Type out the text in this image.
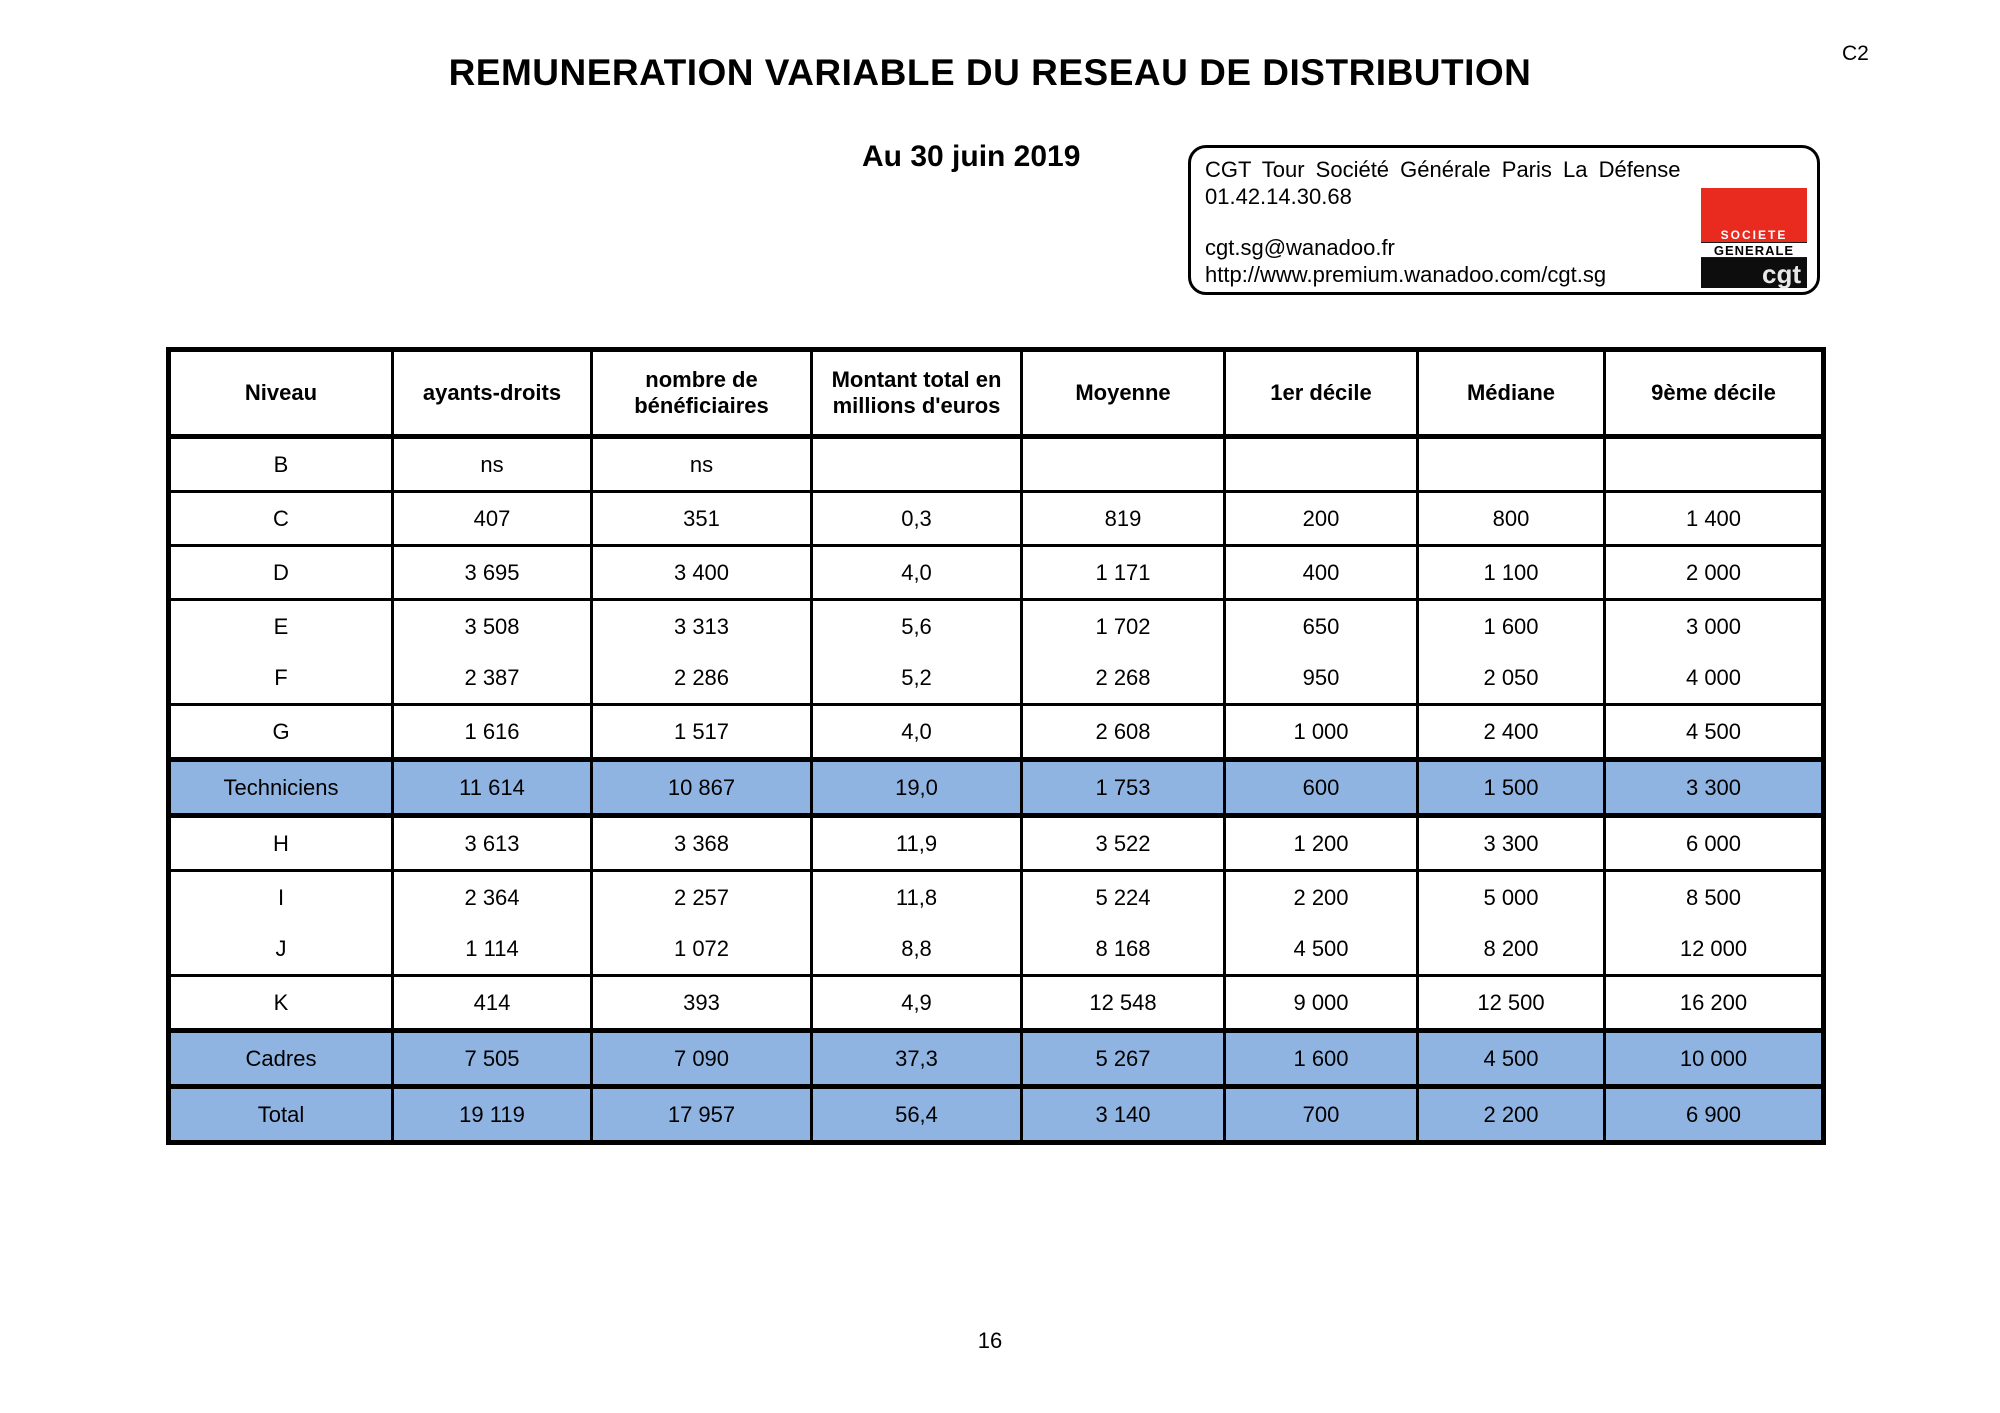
REMUNERATION VARIABLE DU RESEAU DE DISTRIBUTION	C2
Au 30 juin 2019	CGT Tour Société Générale Paris La Défense
01.42.14.30.68
cgt.sg@wanadoo.fr
http://www.premium.wanadoo.com/cgt.sg
SOCIETE
GENERALE
cgt
Niveau	ayants-droits	nombre de bénéficiaires	Montant total en millions d'euros	Moyenne	1er décile	Médiane	9ème décile
B	ns	ns					
C	407	351	0,3	819	200	800	1 400
D	3 695	3 400	4,0	1 171	400	1 100	2 000
E	3 508	3 313	5,6	1 702	650	1 600	3 000
F	2 387	2 286	5,2	2 268	950	2 050	4 000
G	1 616	1 517	4,0	2 608	1 000	2 400	4 500
Techniciens	11 614	10 867	19,0	1 753	600	1 500	3 300
H	3 613	3 368	11,9	3 522	1 200	3 300	6 000
I	2 364	2 257	11,8	5 224	2 200	5 000	8 500
J	1 114	1 072	8,8	8 168	4 500	8 200	12 000
K	414	393	4,9	12 548	9 000	12 500	16 200
Cadres	7 505	7 090	37,3	5 267	1 600	4 500	10 000
Total	19 119	17 957	56,4	3 140	700	2 200	6 900
16
